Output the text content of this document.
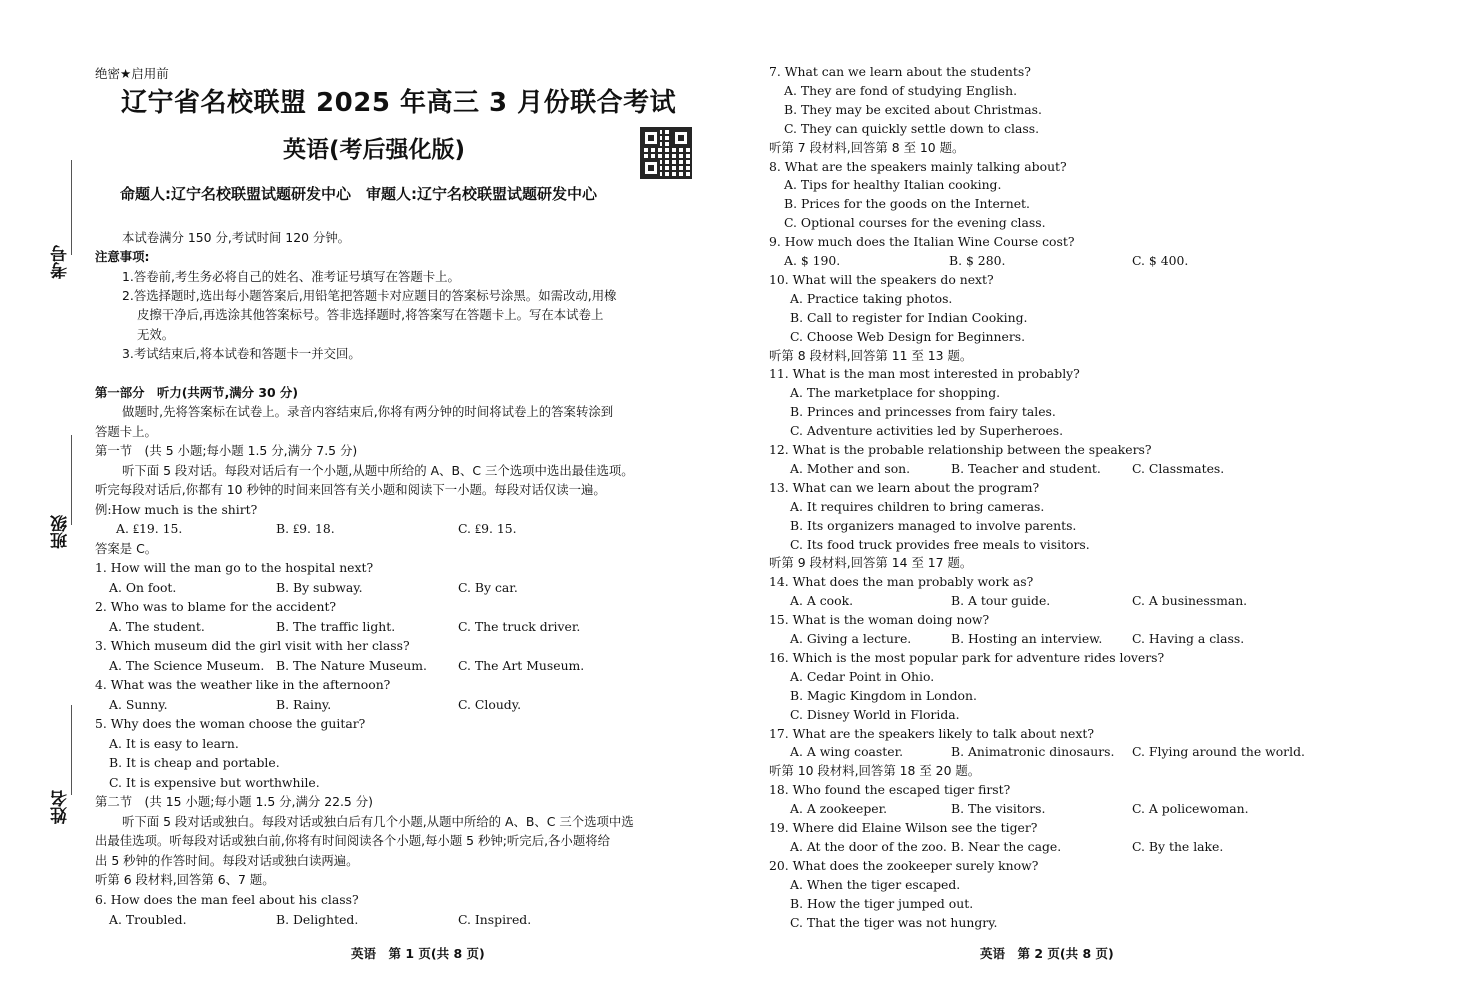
绝密★启用前
辽宁省名校联盟 2025 年高三 3 月份联合考试
英语(考后强化版)
命题人:辽宁名校联盟试题研发中心　审题人:辽宁名校联盟试题研发中心
考号
班级
姓名
本试卷满分 150 分,考试时间 120 分钟。
注意事项:
1.答卷前,考生务必将自己的姓名、准考证号填写在答题卡上。
2.答选择题时,选出每小题答案后,用铅笔把答题卡对应题目的答案标号涂黑。如需改动,用橡
皮擦干净后,再选涂其他答案标号。答非选择题时,将答案写在答题卡上。写在本试卷上
无效。
3.考试结束后,将本试卷和答题卡一并交回。
第一部分　听力(共两节,满分 30 分)
做题时,先将答案标在试卷上。录音内容结束后,你将有两分钟的时间将试卷上的答案转涂到
答题卡上。
第一节　(共 5 小题;每小题 1.5 分,满分 7.5 分)
听下面 5 段对话。每段对话后有一个小题,从题中所给的 A、B、C 三个选项中选出最佳选项。
听完每段对话后,你都有 10 秒钟的时间来回答有关小题和阅读下一小题。每段对话仅读一遍。
例:How much is the shirt?
A. ₤19. 15.	B. ₤9. 18.	C. ₤9. 15.
答案是 C。
1. How will the man go to the hospital next?
A. On foot.	B. By subway.	C. By car.
2. Who was to blame for the accident?
A. The student.	B. The traffic light.	C. The truck driver.
3. Which museum did the girl visit with her class?
A. The Science Museum. B. The Nature Museum.	C. The Art Museum.
4. What was the weather like in the afternoon?
A. Sunny.	B. Rainy.	C. Cloudy.
5. Why does the woman choose the guitar?
A. It is easy to learn.
B. It is cheap and portable.
C. It is expensive but worthwhile.
第二节　(共 15 小题;每小题 1.5 分,满分 22.5 分)
听下面 5 段对话或独白。每段对话或独白后有几个小题,从题中所给的 A、B、C 三个选项中选
出最佳选项。听每段对话或独白前,你将有时间阅读各个小题,每小题 5 秒钟;听完后,各小题将给
出 5 秒钟的作答时间。每段对话或独白读两遍。
听第 6 段材料,回答第 6、7 题。
6. How does the man feel about his class?
A. Troubled.	B. Delighted.	C. Inspired.
英语　第 1 页(共 8 页)
7. What can we learn about the students?
A. They are fond of studying English.
B. They may be excited about Christmas.
C. They can quickly settle down to class.
听第 7 段材料,回答第 8 至 10 题。
8. What are the speakers mainly talking about?
A. Tips for healthy Italian cooking.
B. Prices for the goods on the Internet.
C. Optional courses for the evening class.
9. How much does the Italian Wine Course cost?
A. $ 190.	B. $ 280.	C. $ 400.
10. What will the speakers do next?
A. Practice taking photos.
B. Call to register for Indian Cooking.
C. Choose Web Design for Beginners.
听第 8 段材料,回答第 11 至 13 题。
11. What is the man most interested in probably?
A. The marketplace for shopping.
B. Princes and princesses from fairy tales.
C. Adventure activities led by Superheroes.
12. What is the probable relationship between the speakers?
A. Mother and son.	B. Teacher and student.	C. Classmates.
13. What can we learn about the program?
A. It requires children to bring cameras.
B. Its organizers managed to involve parents.
C. Its food truck provides free meals to visitors.
听第 9 段材料,回答第 14 至 17 题。
14. What does the man probably work as?
A. A cook.	B. A tour guide.	C. A businessman.
15. What is the woman doing now?
A. Giving a lecture.	B. Hosting an interview. C. Having a class.
16. Which is the most popular park for adventure rides lovers?
A. Cedar Point in Ohio.
B. Magic Kingdom in London.
C. Disney World in Florida.
17. What are the speakers likely to talk about next?
A. A wing coaster.	B. Animatronic dinosaurs. C. Flying around the world.
听第 10 段材料,回答第 18 至 20 题。
18. Who found the escaped tiger first?
A. A zookeeper.	B. The visitors.	C. A policewoman.
19. Where did Elaine Wilson see the tiger?
A. At the door of the zoo. B. Near the cage.	C. By the lake.
20. What does the zookeeper surely know?
A. When the tiger escaped.
B. How the tiger jumped out.
C. That the tiger was not hungry.
英语　第 2 页(共 8 页)
